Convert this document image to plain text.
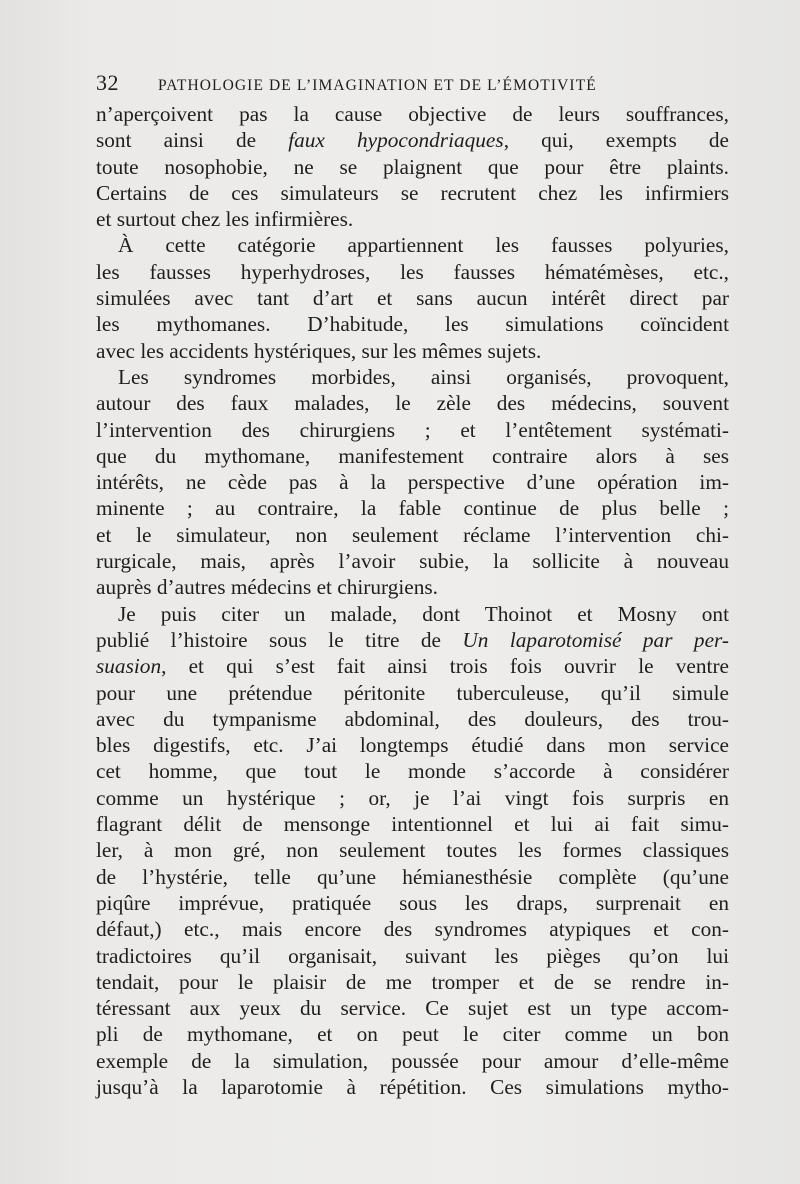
32	PATHOLOGIE DE L’IMAGINATION ET DE L’ÉMOTIVITÉ
n’aperçoivent pas la cause objective de leurs souffrances,
sont ainsi de faux hypocondriaques, qui, exempts de
toute nosophobie, ne se plaignent que pour être plaints.
Certains de ces simulateurs se recrutent chez les infirmiers
et surtout chez les infirmières.
À cette catégorie appartiennent les fausses polyuries,
les fausses hyperhydroses, les fausses hématémèses, etc.,
simulées avec tant d’art et sans aucun intérêt direct par
les mythomanes. D’habitude, les simulations coïncident
avec les accidents hystériques, sur les mêmes sujets.
Les syndromes morbides, ainsi organisés, provoquent,
autour des faux malades, le zèle des médecins, souvent
l’intervention des chirurgiens ; et l’entêtement systémati-
que du mythomane, manifestement contraire alors à ses
intérêts, ne cède pas à la perspective d’une opération im-
minente ; au contraire, la fable continue de plus belle ;
et le simulateur, non seulement réclame l’intervention chi-
rurgicale, mais, après l’avoir subie, la sollicite à nouveau
auprès d’autres médecins et chirurgiens.
Je puis citer un malade, dont Thoinot et Mosny ont
publié l’histoire sous le titre de Un laparotomisé par per-
suasion, et qui s’est fait ainsi trois fois ouvrir le ventre
pour une prétendue péritonite tuberculeuse, qu’il simule
avec du tympanisme abdominal, des douleurs, des trou-
bles digestifs, etc. J’ai longtemps étudié dans mon service
cet homme, que tout le monde s’accorde à considérer
comme un hystérique ; or, je l’ai vingt fois surpris en
flagrant délit de mensonge intentionnel et lui ai fait simu-
ler, à mon gré, non seulement toutes les formes classiques
de l’hystérie, telle qu’une hémianesthésie complète (qu’une
piqûre imprévue, pratiquée sous les draps, surprenait en
défaut,) etc., mais encore des syndromes atypiques et con-
tradictoires qu’il organisait, suivant les pièges qu’on lui
tendait, pour le plaisir de me tromper et de se rendre in-
téressant aux yeux du service. Ce sujet est un type accom-
pli de mythomane, et on peut le citer comme un bon
exemple de la simulation, poussée pour amour d’elle-même
jusqu’à la laparotomie à répétition. Ces simulations mytho-
